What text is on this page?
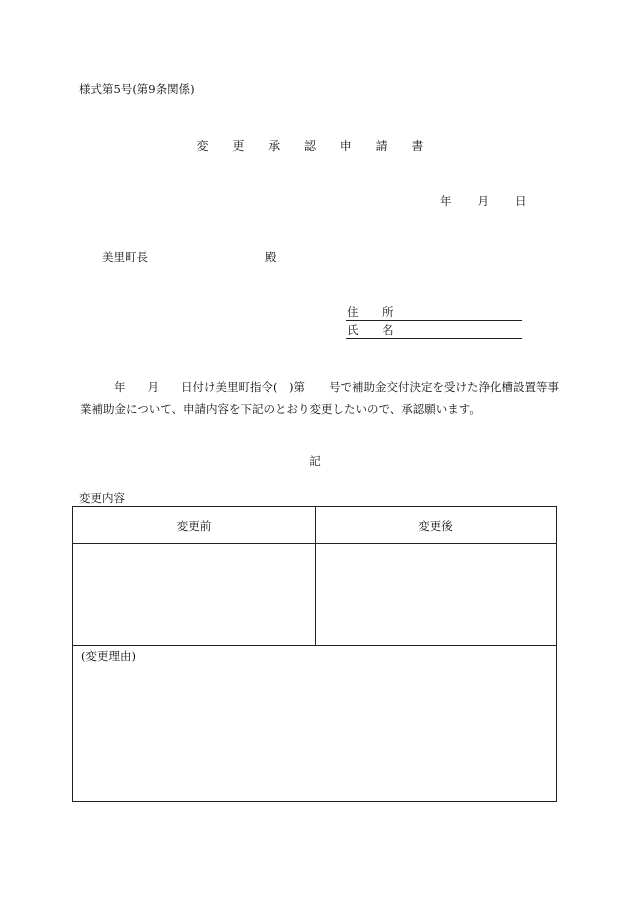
様式第5号(第9条関係)
変 更 承 認 申 請 書
年 月 日
美里町長	殿
住 所
氏 名
年 月 日付け美里町指令(　)第 号で補助金交付決定を受けた浄化槽設置等事業補助金について、申請内容を下記のとおり変更したいので、承認願います。
記
変更内容
変更前	変更後
(変更理由)
